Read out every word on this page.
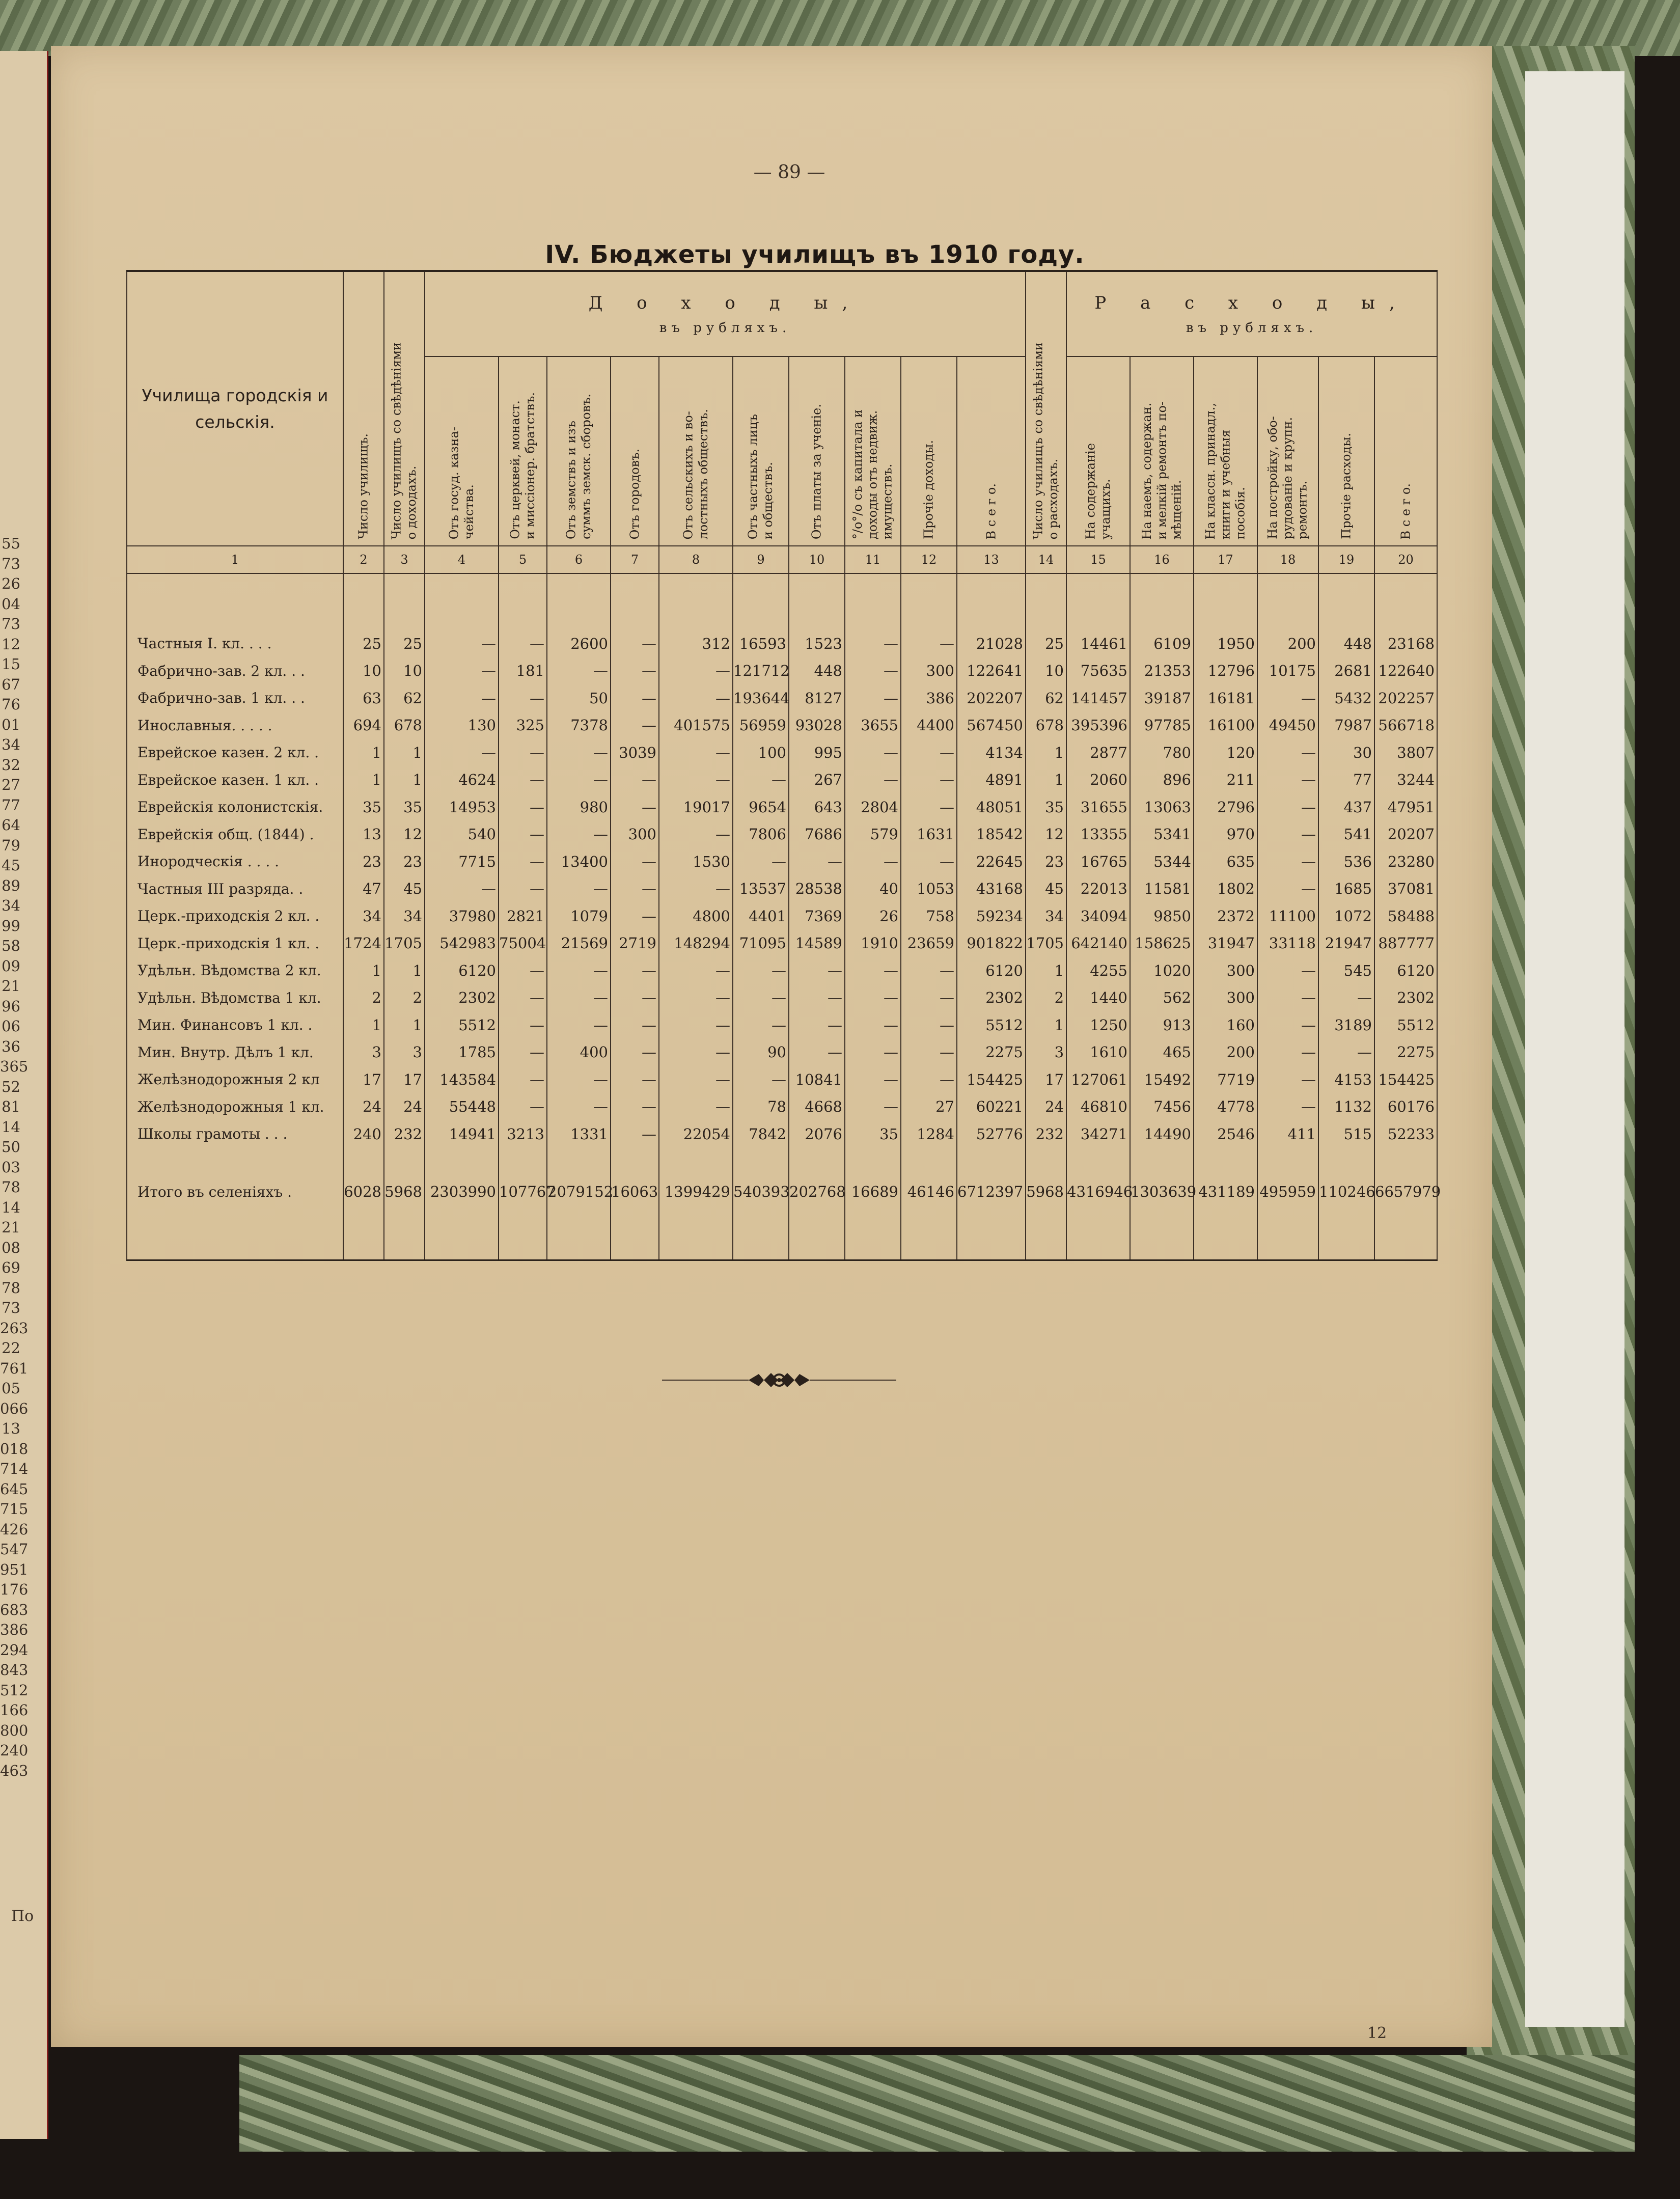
55
73
26
04
73
12
15
67
76
01
34
32
27
77
64
79
45
89
34
99
58
09
21
96
06
36
365
52
81
14
50
03
78
14
21
08
69
78
73
263
22
761
05
066
13
018
714
645
715
426
547
951
176
683
386
294
843
512
166
800
240
463
По
— 89 —
IV. Бюджеты училищъ въ 1910 году.
Училища городскія и сельскія.	Число училищъ.	Число училищъ со свѣдѣніями
о доходахъ.	Д о х о д ы,
въ рубляхъ.										Число училищъ со свѣдѣніями
о расходахъ.	Р а с х о д ы,
въ рубляхъ.					

			Отъ госуд. казна-
чейства.	Отъ церквей, монаст.
и миссіонер. братствъ.	Отъ земствъ и изъ
суммъ земск. сборовъ.	Отъ городовъ.	Отъ сельскихъ и во-
лостныхъ обществъ.	Отъ частныхъ лицъ
и обществъ.	Отъ платы за ученіе.	°/о°/о съ капитала и
доходы отъ недвиж.
имуществъ.	Прочіе доходы.	В с е г о.		На содержаніе
учащихъ.	На наемъ, содержан.
и мелкій ремонтъ по-
мѣщеній.	На классн. принадл.,
книги и учебныя
пособія.	На постройку, обо-
рудованіе и крупн.
ремонтъ.	Прочіе расходы.	В с е г о.

1	2	3	4	5	6	7	8	9	10	11	12	13	14	15	16	17	18	19	20

Частныя I. кл. . . .	25	25	—	—	2600	—	312	16593	1523	—	—	21028	25	14461	6109	1950	200	448	23168
Фабрично-зав. 2 кл. . .	10	10	—	181	—	—	—	121712	448	—	300	122641	10	75635	21353	12796	10175	2681	122640
Фабрично-зав. 1 кл. . .	63	62	—	—	50	—	—	193644	8127	—	386	202207	62	141457	39187	16181	—	5432	202257
Инославныя. . . . .	694	678	130	325	7378	—	401575	56959	93028	3655	4400	567450	678	395396	97785	16100	49450	7987	566718
Еврейское казен. 2 кл. .	1	1	—	—	—	3039	—	100	995	—	—	4134	1	2877	780	120	—	30	3807
Еврейское казен. 1 кл. .	1	1	4624	—	—	—	—	—	267	—	—	4891	1	2060	896	211	—	77	3244
Еврейскія колонистскія.	35	35	14953	—	980	—	19017	9654	643	2804	—	48051	35	31655	13063	2796	—	437	47951
Еврейскія общ. (1844) .	13	12	540	—	—	300	—	7806	7686	579	1631	18542	12	13355	5341	970	—	541	20207
Инородческія . . . .	23	23	7715	—	13400	—	1530	—	—	—	—	22645	23	16765	5344	635	—	536	23280
Частныя III разряда. .	47	45	—	—	—	—	—	13537	28538	40	1053	43168	45	22013	11581	1802	—	1685	37081
Церк.-приходскія 2 кл. .	34	34	37980	2821	1079	—	4800	4401	7369	26	758	59234	34	34094	9850	2372	11100	1072	58488
Церк.-приходскія 1 кл. .	1724	1705	542983	75004	21569	2719	148294	71095	14589	1910	23659	901822	1705	642140	158625	31947	33118	21947	887777
Удѣльн. Вѣдомства 2 кл.	1	1	6120	—	—	—	—	—	—	—	—	6120	1	4255	1020	300	—	545	6120
Удѣльн. Вѣдомства 1 кл.	2	2	2302	—	—	—	—	—	—	—	—	2302	2	1440	562	300	—	—	2302
Мин. Финансовъ 1 кл. .	1	1	5512	—	—	—	—	—	—	—	—	5512	1	1250	913	160	—	3189	5512
Мин. Внутр. Дѣлъ 1 кл.	3	3	1785	—	400	—	—	90	—	—	—	2275	3	1610	465	200	—	—	2275
Желѣзнодорожныя 2 кл	17	17	143584	—	—	—	—	—	10841	—	—	154425	17	127061	15492	7719	—	4153	154425
Желѣзнодорожныя 1 кл.	24	24	55448	—	—	—	—	78	4668	—	27	60221	24	46810	7456	4778	—	1132	60176
Школы грамоты . . .	240	232	14941	3213	1331	—	22054	7842	2076	35	1284	52776	232	34271	14490	2546	411	515	52233

Итого въ селеніяхъ .	6028	5968	2303990	107767	2079152	16063	1399429	540393	202768	16689	46146	6712397	5968	4316946	1303639	431189	495959	110246	6657979

12
